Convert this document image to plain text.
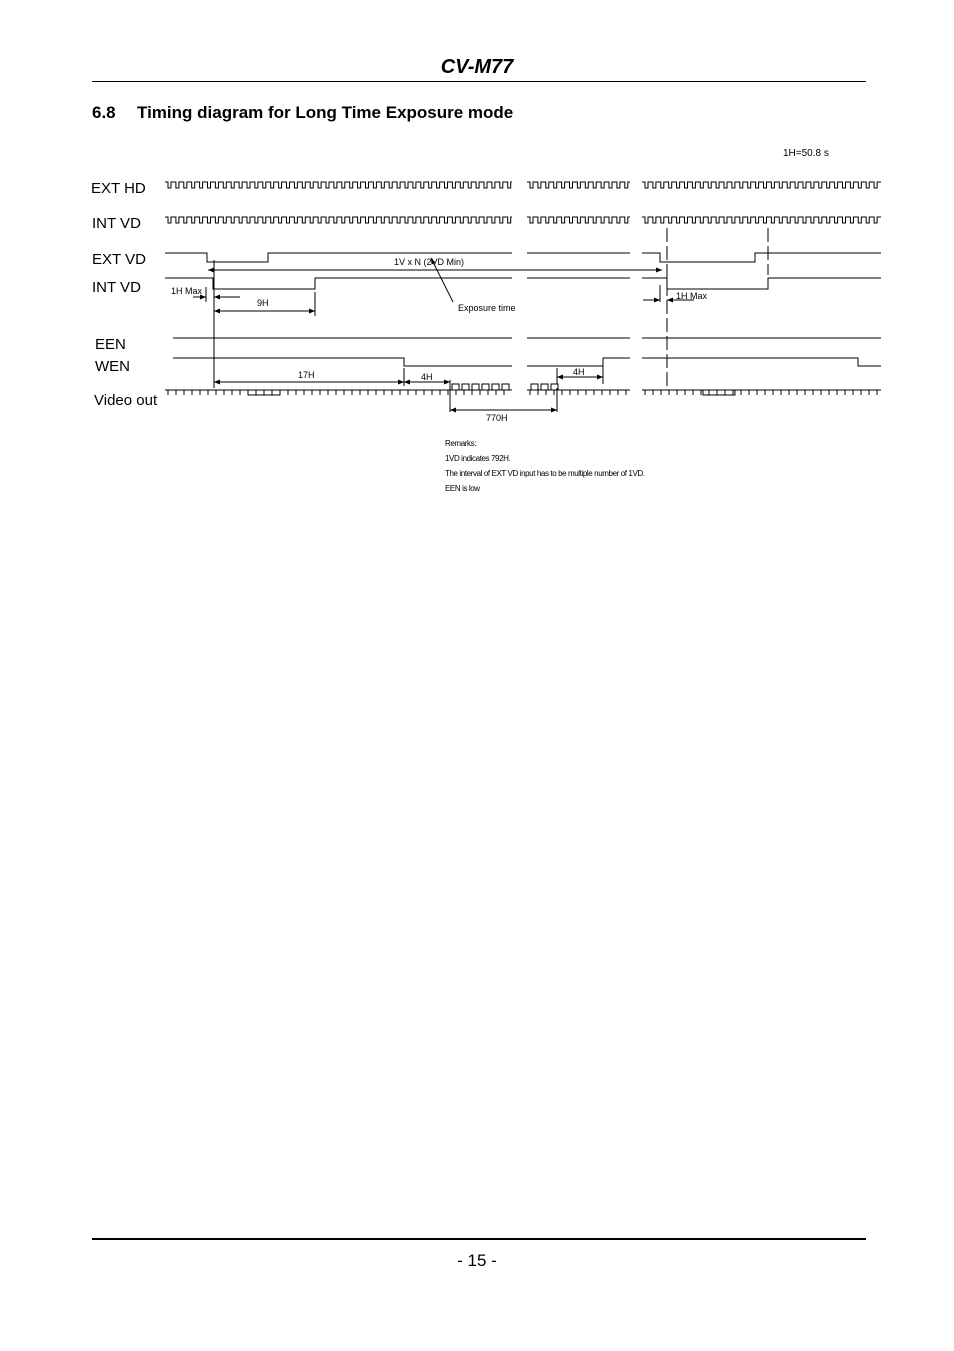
CV-M77
6.8 Timing diagram for Long Time Exposure mode
1H=50.8 s
EXT HD
INT VD
EXT VD
INT VD
EEN
WEN
Video out
1V x N (2VD Min)
1H Max
9H	Exposure time
1H Max
17H	4H	4H
770H
Remarks:
1VD indicates 792H.
The interval of EXT VD input has to be multiple number of 1VD.
EEN is low
- 15 -
